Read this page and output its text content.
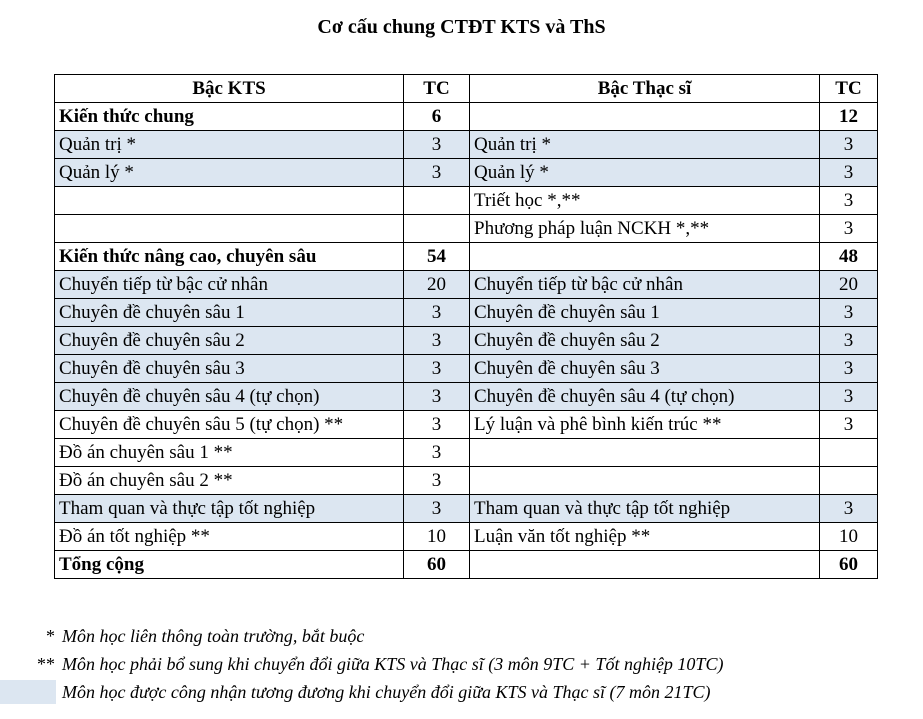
Cơ cấu chung CTĐT KTS và ThS
Bậc KTS	TC	Bậc Thạc sĩ	TC
Kiến thức chung	6		12
Quản trị *	3	Quản trị *	3
Quản lý *	3	Quản lý *	3
		Triết học *,**	3
		Phương pháp luận NCKH *,**	3
Kiến thức nâng cao, chuyên sâu	54		48
Chuyển tiếp từ bậc cử nhân	20	Chuyển tiếp từ bậc cử nhân	20
Chuyên đề chuyên sâu 1	3	Chuyên đề chuyên sâu 1	3
Chuyên đề chuyên sâu 2	3	Chuyên đề chuyên sâu 2	3
Chuyên đề chuyên sâu 3	3	Chuyên đề chuyên sâu 3	3
Chuyên đề chuyên sâu 4 (tự chọn)	3	Chuyên đề chuyên sâu 4 (tự chọn)	3
Chuyên đề chuyên sâu 5 (tự chọn) **	3	Lý luận và phê bình kiến trúc **	3
Đồ án chuyên sâu 1 **	3		
Đồ án chuyên sâu 2 **	3		
Tham quan và thực tập tốt nghiệp	3	Tham quan và thực tập tốt nghiệp	3
Đồ án tốt nghiệp **	10	Luận văn tốt nghiệp **	10
Tổng cộng	60		60
* Môn học liên thông toàn trường, bắt buộc
** Môn học phải bổ sung khi chuyển đổi giữa KTS và Thạc sĩ (3 môn 9TC + Tốt nghiệp 10TC)
Môn học được công nhận tương đương khi chuyển đổi giữa KTS và Thạc sĩ (7 môn 21TC)
